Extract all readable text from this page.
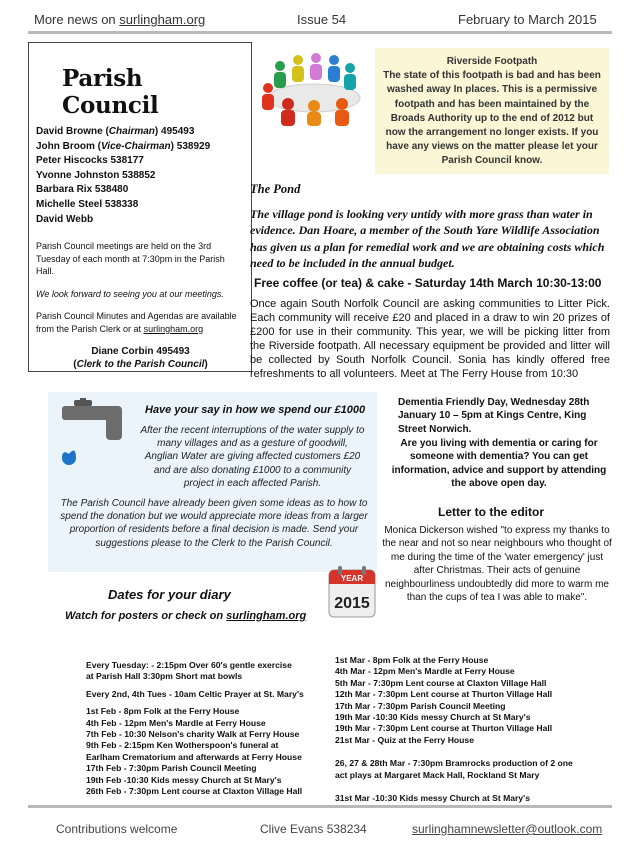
More news on surlingham.org	Issue 54	February to March 2015
Parish Council
David Browne (Chairman) 495493
John Broom (Vice-Chairman) 538929
Peter Hiscocks 538177
Yvonne Johnston 538852
Barbara Rix 538480
Michelle Steel 538338
David Webb
Parish Council meetings are held on the 3rd Tuesday of each month at 7:30pm in the Parish Hall.
We look forward to seeing you at our meetings.
Parish Council Minutes and Agendas are available from the Parish Clerk or at surlingham.org
Diane Corbin 495493
(Clerk to the Parish Council)
Riverside Footpath
The state of this footpath is bad and has been washed away In places. This is a permissive footpath and has been maintained by the Broads Authority up to the end of 2012 but now the arrangement no longer exists. If you have any views on the matter please let your Parish Council know.
The Pond
The village pond is looking very untidy with more grass than water in evidence. Dan Hoare, a member of the South Yare Wildlife Association has given us a plan for remedial work and we are obtaining costs which need to be included in the annual budget.
Free coffee (or tea) & cake - Saturday 14th March 10:30-13:00
Once again South Norfolk Council are asking communities to Litter Pick. Each community will receive £20 and placed in a draw to win 20 prizes of £200 for use in their community. This year, we will be picking litter from the Riverside footpath. All necessary equipment be provided and litter will be collected by South Norfolk Council. Sonia has kindly offered free refreshments to all volunteers. Meet at The Ferry House from 10:30
Have your say in how we spend our £1000
After the recent interruptions of the water supply to many villages and as a gesture of goodwill, Anglian Water are giving affected customers £20 and are also donating £1000 to a community project in each affected Parish.
The Parish Council have already been given some ideas as to how to spend the donation but we would appreciate more ideas from a larger proportion of residents before a final decision is made. Send your suggestions please to the Clerk to the Parish Council.
Dementia Friendly Day, Wednesday 28th January 10 – 5pm at Kings Centre, King Street Norwich.
Are you living with dementia or caring for someone with dementia? You can get information, advice and support by attending the above open day.
Letter to the editor
Monica Dickerson wished "to express my thanks to the near and not so near neighbours who thought of me during the time of the 'water emergency' just after Christmas. Their acts of genuine neighbourliness undoubtedly did more to warm me than the cups of tea I was able to make".
Dates for your diary
Watch for posters or check on surlingham.org
YEAR
2015
Every Tuesday: - 2:15pm Over 60's gentle exercise
at Parish Hall 3:30pm Short mat bowls
Every 2nd, 4th Tues - 10am Celtic Prayer at St. Mary's
1st Feb - 8pm Folk at the Ferry House
4th Feb - 12pm Men's Mardle at Ferry House
7th Feb - 10:30 Nelson's charity Walk at Ferry House
9th Feb - 2:15pm Ken Wotherspoon's funeral at
Earlham Crematorium and afterwards at Ferry House
17th Feb - 7:30pm Parish Council Meeting
19th Feb -10:30 Kids messy Church at St Mary's
26th Feb - 7:30pm Lent course at Claxton Village Hall
1st Mar - 8pm Folk at the Ferry House
4th Mar - 12pm Men's Mardle at Ferry House
5th Mar - 7:30pm Lent course at Claxton Village Hall
12th Mar - 7:30pm Lent course at Thurton Village Hall
17th Mar - 7:30pm Parish Council Meeting
19th Mar -10:30 Kids messy Church at St Mary's
19th Mar - 7:30pm Lent course at Thurton Village Hall
21st Mar - Quiz at the Ferry House
26, 27 & 28th Mar - 7:30pm Bramrocks production of 2 one
act plays at Margaret Mack Hall, Rockland St Mary
31st Mar -10:30 Kids messy Church at St Mary's
Contributions welcome	Clive Evans 538234	surlinghamnewsletter@outlook.com
